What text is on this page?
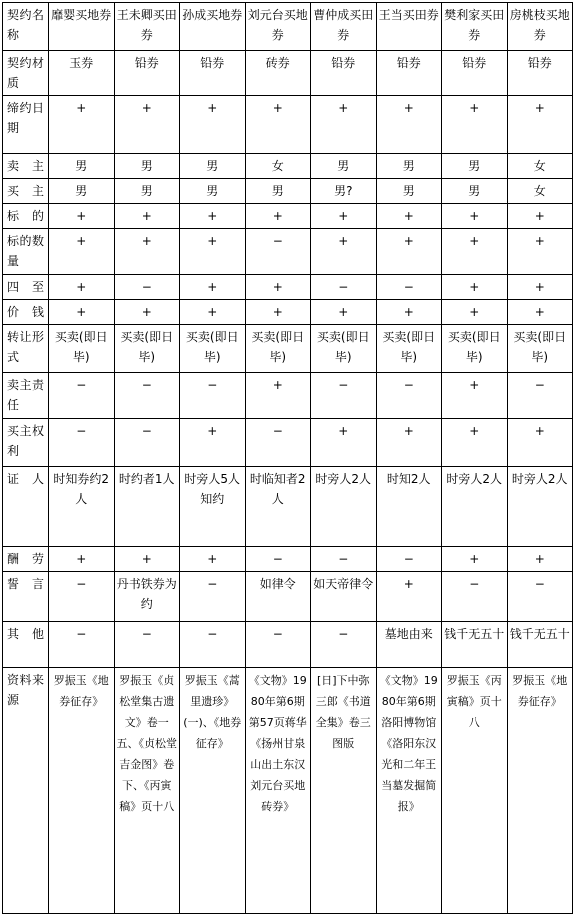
契约名称	靡婴买地券	王未卿买田券	孙成买地券	刘元台买地券	曹仲成买田券	王当买田券	樊利家买田券	房桃枝买地券
契约材质	玉券	铅券	铅券	砖券	铅券	铅券	铅券	铅券
缔约日期	+	+	+	+	+	+	+	+
卖主	男	男	男	女	男	男	男	女
买主	男	男	男	男	男?	男	男	女
标的	+	+	+	+	+	+	+	+
标的数量	+	+	+	−	+	+	+	+
四至	+	−	+	+	−	−	+	+
价钱	+	+	+	+	+	+	+	+
转让形式	买卖(即日毕)	买卖(即日毕)	买卖(即日毕)	买卖(即日毕)	买卖(即日毕)	买卖(即日毕)	买卖(即日毕)	买卖(即日毕)
卖主责任	−	−	−	+	−	−	+	−
买主权利	−	−	+	−	+	+	+	+
证人	时知券约2人	时约者1人	时旁人5人知约	时临知者2人	时旁人2人	时知2人	时旁人2人	时旁人2人
酬劳	+	+	+	−	−	−	+	+
誓言	−	丹书铁券为约	−	如律令	如天帝律令	+	−	−
其他	−	−	−	−	−	墓地由来	钱千无五十	钱千无五十
资料来源	罗振玉《地券征存》	罗振玉《贞松堂集古遗文》卷一五、《贞松堂吉金图》卷下、《丙寅稿》页十八	罗振玉《蒿里遗珍》(一)、《地券征存》	《文物》1980年第6期第57页蒋华《扬州甘泉山出土东汉刘元台买地砖券》	[日]下中弥三郎《书道全集》卷三图版	《文物》1980年第6期洛阳博物馆《洛阳东汉光和二年王当墓发掘简报》	罗振玉《丙寅稿》页十八	罗振玉《地券征存》
